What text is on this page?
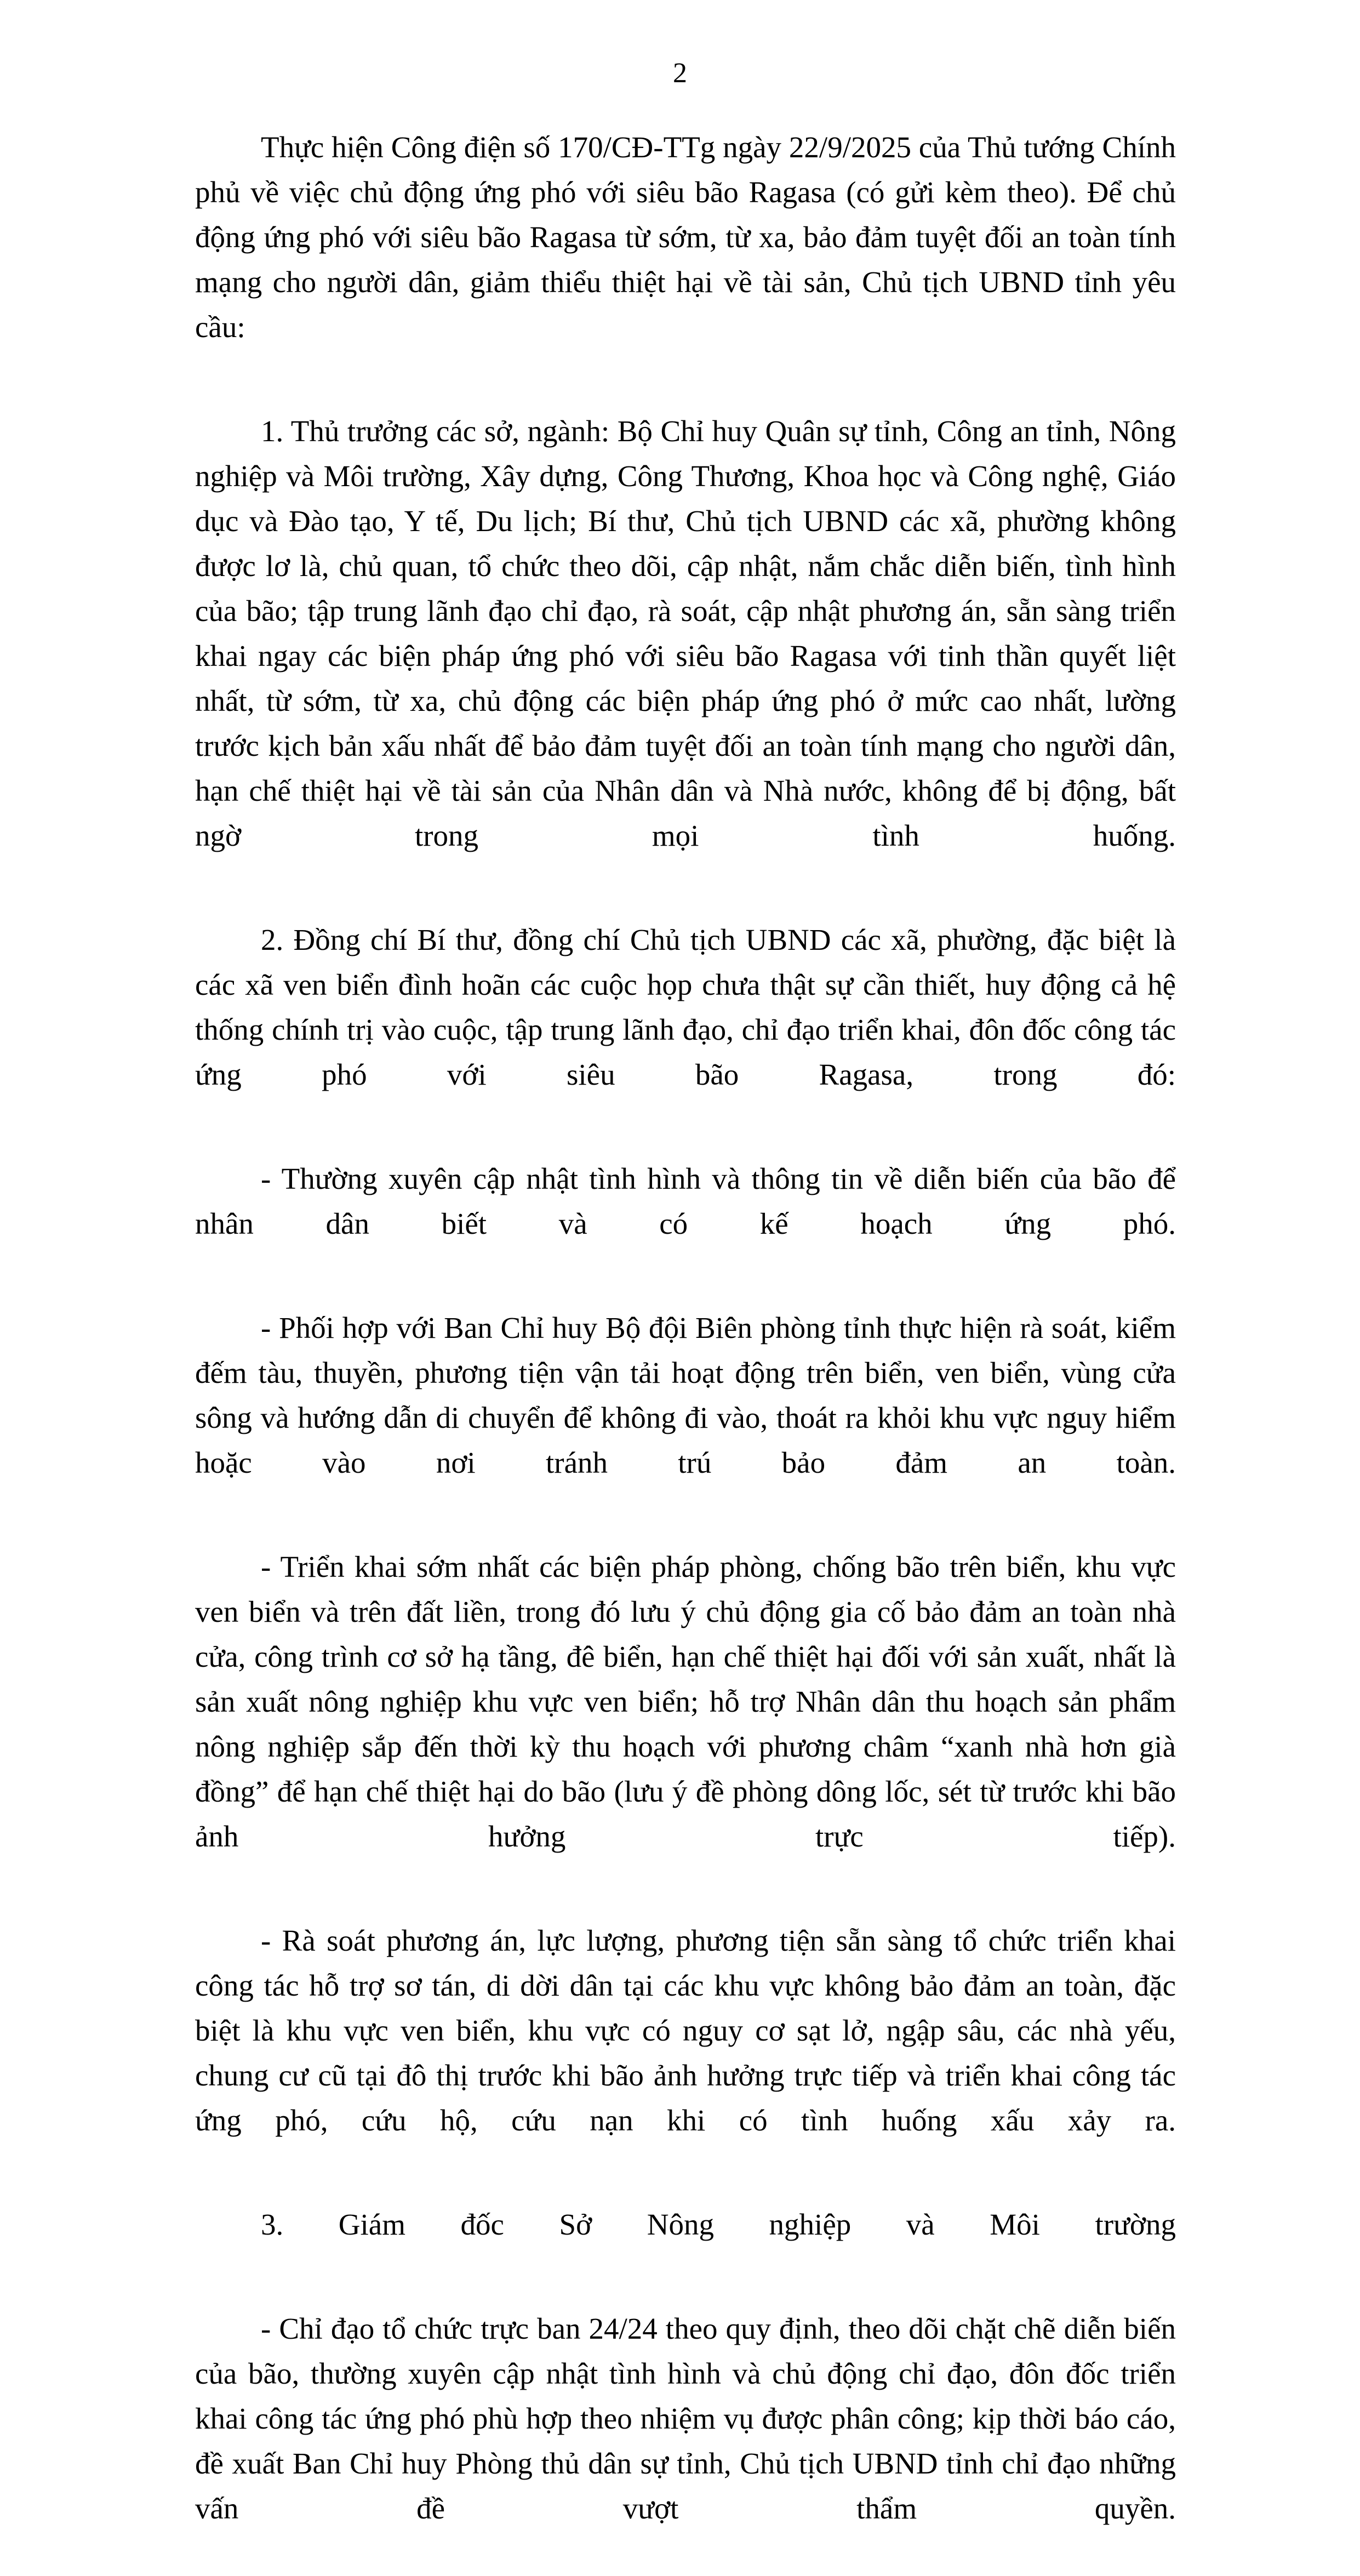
2

Thực hiện Công điện số 170/CĐ-TTg ngày 22/9/2025 của Thủ tướng Chính phủ về việc chủ động ứng phó với siêu bão Ragasa (có gửi kèm theo). Để chủ động ứng phó với siêu bão Ragasa từ sớm, từ xa, bảo đảm tuyệt đối an toàn tính mạng cho người dân, giảm thiểu thiệt hại về tài sản, Chủ tịch UBND tỉnh yêu cầu:

1. Thủ trưởng các sở, ngành: Bộ Chỉ huy Quân sự tỉnh, Công an tỉnh, Nông nghiệp và Môi trường, Xây dựng, Công Thương, Khoa học và Công nghệ, Giáo dục và Đào tạo, Y tế, Du lịch; Bí thư, Chủ tịch UBND các xã, phường không được lơ là, chủ quan, tổ chức theo dõi, cập nhật, nắm chắc diễn biến, tình hình của bão; tập trung lãnh đạo chỉ đạo, rà soát, cập nhật phương án, sẵn sàng triển khai ngay các biện pháp ứng phó với siêu bão Ragasa với tinh thần quyết liệt nhất, từ sớm, từ xa, chủ động các biện pháp ứng phó ở mức cao nhất, lường trước kịch bản xấu nhất để bảo đảm tuyệt đối an toàn tính mạng cho người dân, hạn chế thiệt hại về tài sản của Nhân dân và Nhà nước, không để bị động, bất ngờ trong mọi tình huống.

2. Đồng chí Bí thư, đồng chí Chủ tịch UBND các xã, phường, đặc biệt là các xã ven biển đình hoãn các cuộc họp chưa thật sự cần thiết, huy động cả hệ thống chính trị vào cuộc, tập trung lãnh đạo, chỉ đạo triển khai, đôn đốc công tác ứng phó với siêu bão Ragasa, trong đó:

- Thường xuyên cập nhật tình hình và thông tin về diễn biến của bão để nhân dân biết và có kế hoạch ứng phó.

- Phối hợp với Ban Chỉ huy Bộ đội Biên phòng tỉnh thực hiện rà soát, kiểm đếm tàu, thuyền, phương tiện vận tải hoạt động trên biển, ven biển, vùng cửa sông và hướng dẫn di chuyển để không đi vào, thoát ra khỏi khu vực nguy hiểm hoặc vào nơi tránh trú bảo đảm an toàn.

- Triển khai sớm nhất các biện pháp phòng, chống bão trên biển, khu vực ven biển và trên đất liền, trong đó lưu ý chủ động gia cố bảo đảm an toàn nhà cửa, công trình cơ sở hạ tầng, đê biển, hạn chế thiệt hại đối với sản xuất, nhất là sản xuất nông nghiệp khu vực ven biển; hỗ trợ Nhân dân thu hoạch sản phẩm nông nghiệp sắp đến thời kỳ thu hoạch với phương châm “xanh nhà hơn già đồng” để hạn chế thiệt hại do bão (lưu ý đề phòng dông lốc, sét từ trước khi bão ảnh hưởng trực tiếp).

- Rà soát phương án, lực lượng, phương tiện sẵn sàng tổ chức triển khai công tác hỗ trợ sơ tán, di dời dân tại các khu vực không bảo đảm an toàn, đặc biệt là khu vực ven biển, khu vực có nguy cơ sạt lở, ngập sâu, các nhà yếu, chung cư cũ tại đô thị trước khi bão ảnh hưởng trực tiếp và triển khai công tác ứng phó, cứu hộ, cứu nạn khi có tình huống xấu xảy ra.

3. Giám đốc Sở Nông nghiệp và Môi trường

- Chỉ đạo tổ chức trực ban 24/24 theo quy định, theo dõi chặt chẽ diễn biến của bão, thường xuyên cập nhật tình hình và chủ động chỉ đạo, đôn đốc triển khai công tác ứng phó phù hợp theo nhiệm vụ được phân công; kịp thời báo cáo, đề xuất Ban Chỉ huy Phòng thủ dân sự tỉnh, Chủ tịch UBND tỉnh chỉ đạo những vấn đề vượt thẩm quyền.
